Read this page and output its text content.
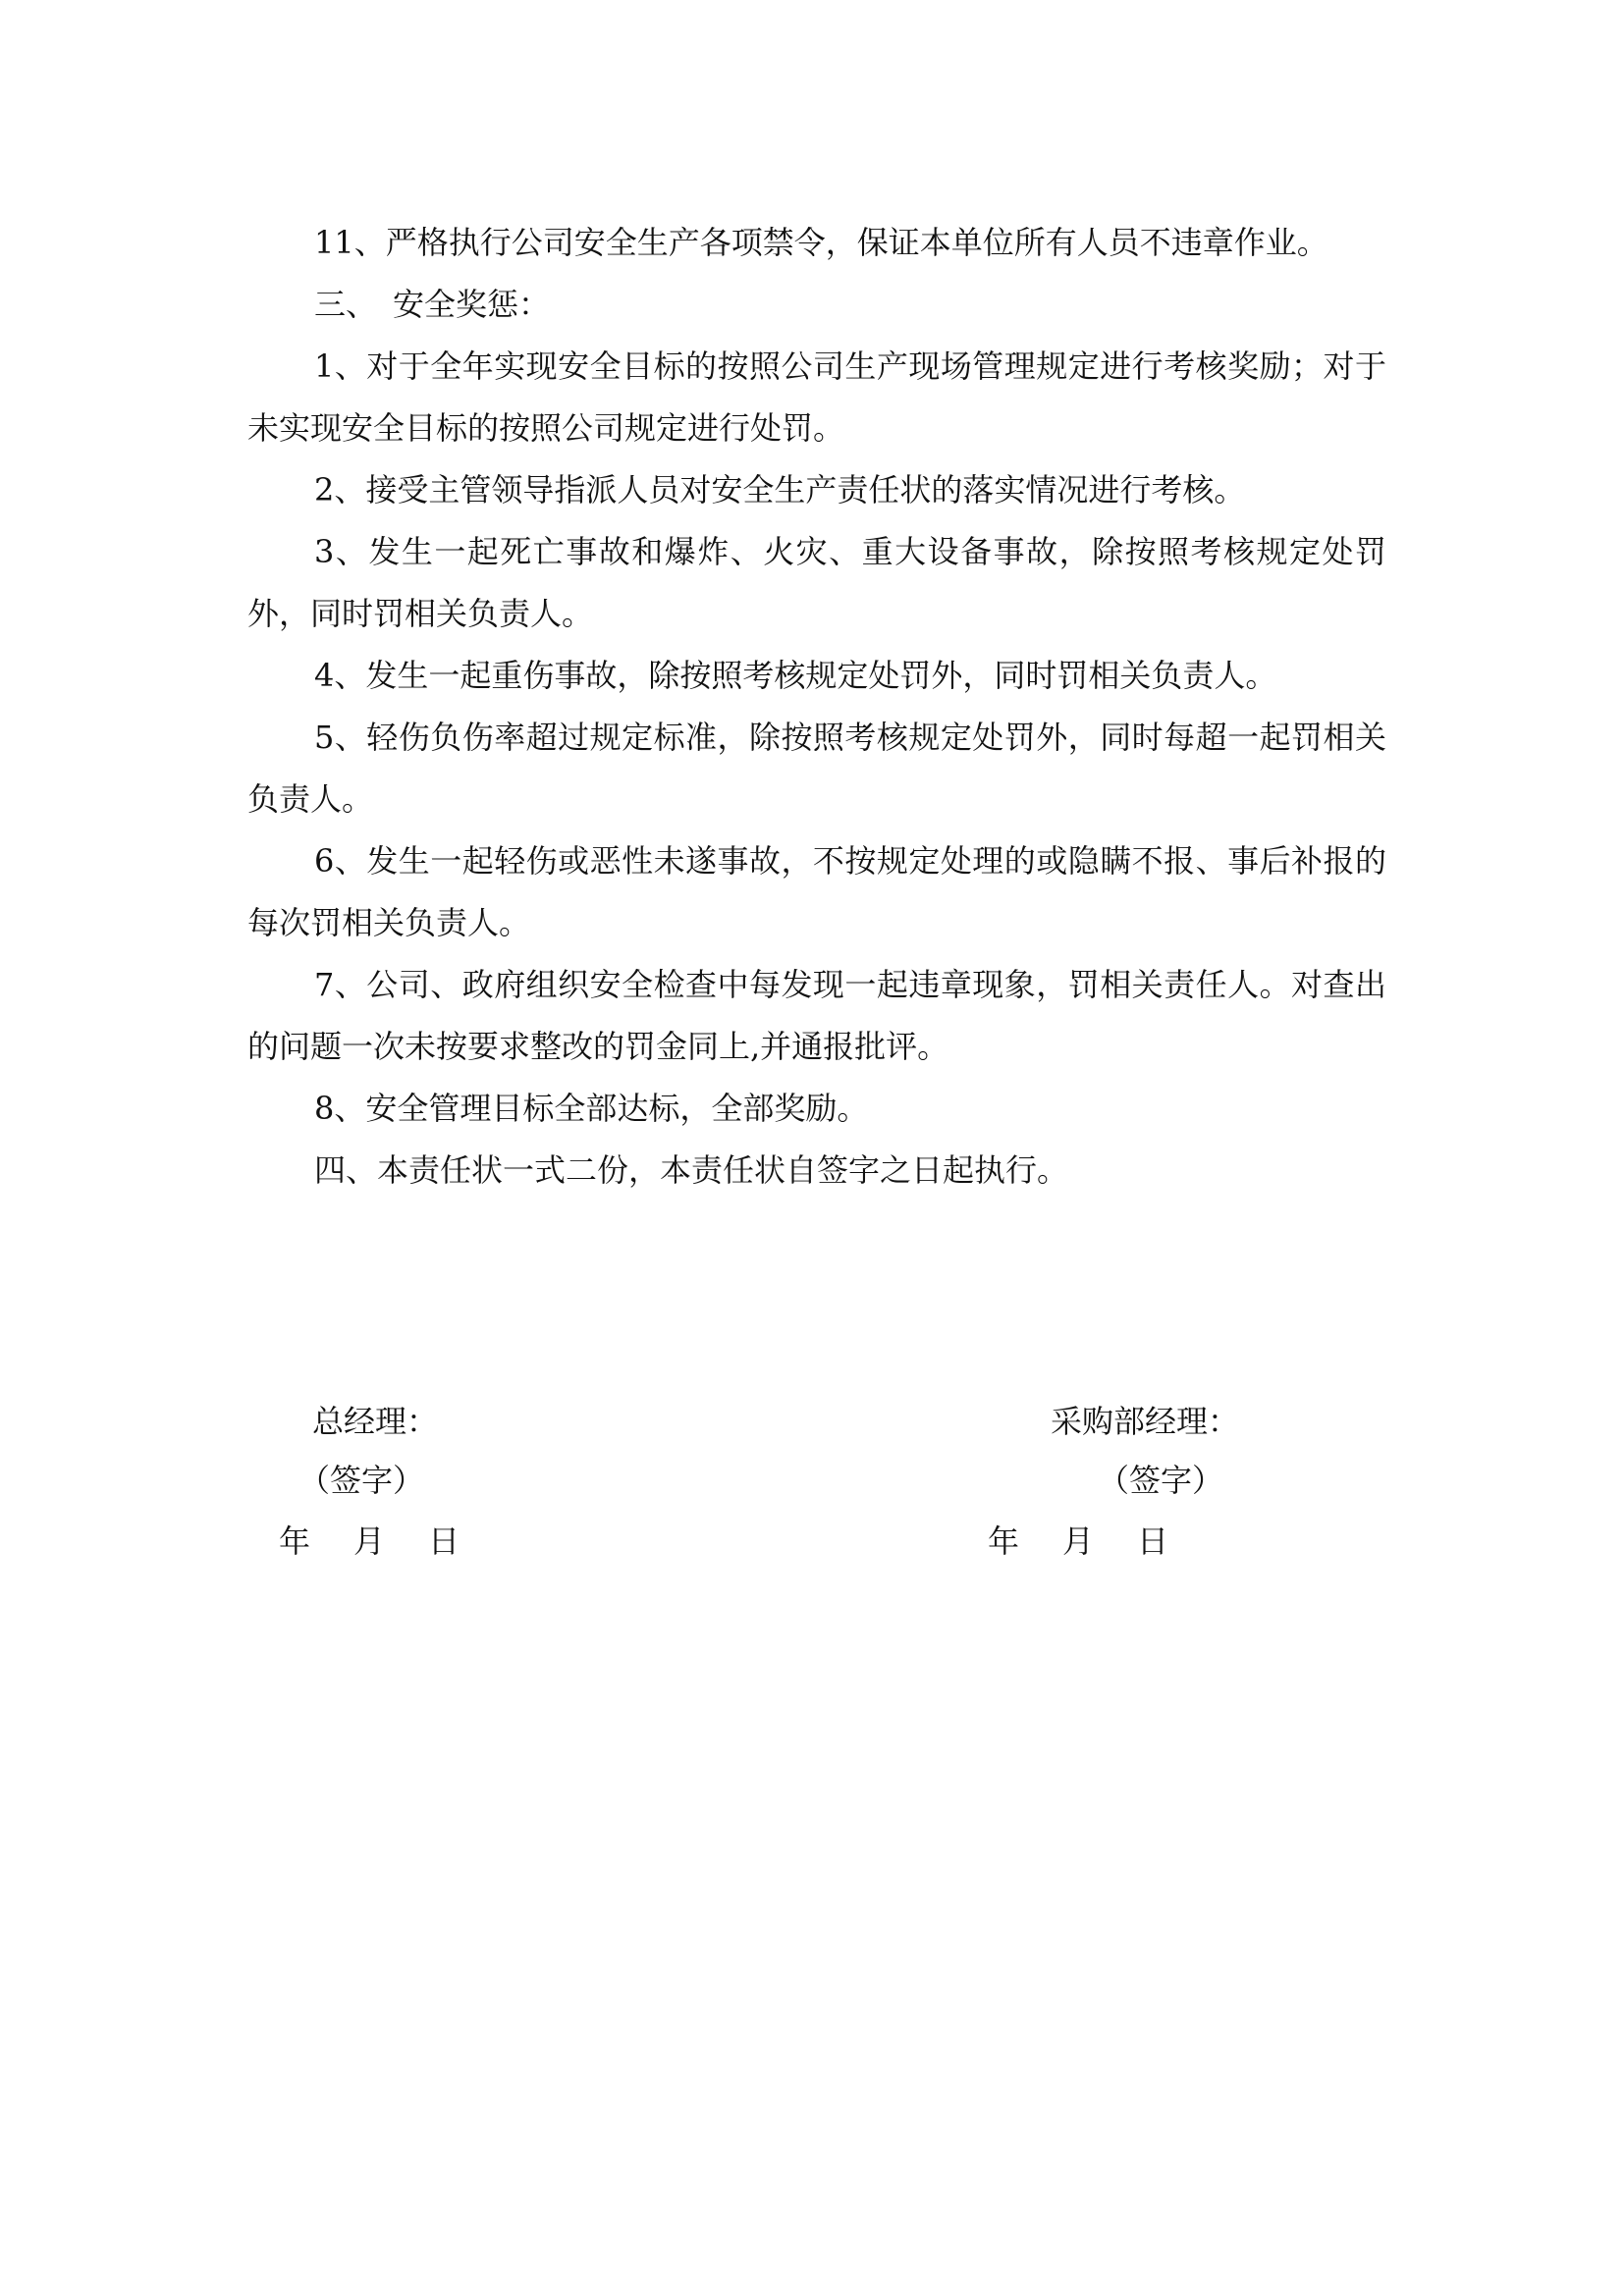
11、严格执行公司安全生产各项禁令，保证本单位所有人员不违章作业。

三、　安全奖惩：

1、对于全年实现安全目标的按照公司生产现场管理规定进行考核奖励；对于未实现安全目标的按照公司规定进行处罚。

2、接受主管领导指派人员对安全生产责任状的落实情况进行考核。

3、发生一起死亡事故和爆炸、火灾、重大设备事故，除按照考核规定处罚外，同时罚相关负责人。

4、发生一起重伤事故，除按照考核规定处罚外，同时罚相关负责人。

5、轻伤负伤率超过规定标准，除按照考核规定处罚外，同时每超一起罚相关负责人。

6、发生一起轻伤或恶性未遂事故，不按规定处理的或隐瞒不报、事后补报的每次罚相关负责人。

7、公司、政府组织安全检查中每发现一起违章现象，罚相关责任人。对查出的问题一次未按要求整改的罚金同上,并通报批评。

8、安全管理目标全部达标，全部奖励。

四、本责任状一式二份，本责任状自签字之日起执行。

总经理：
（签字）
年 月 日
采购部经理：
（签字）
年 月 日
